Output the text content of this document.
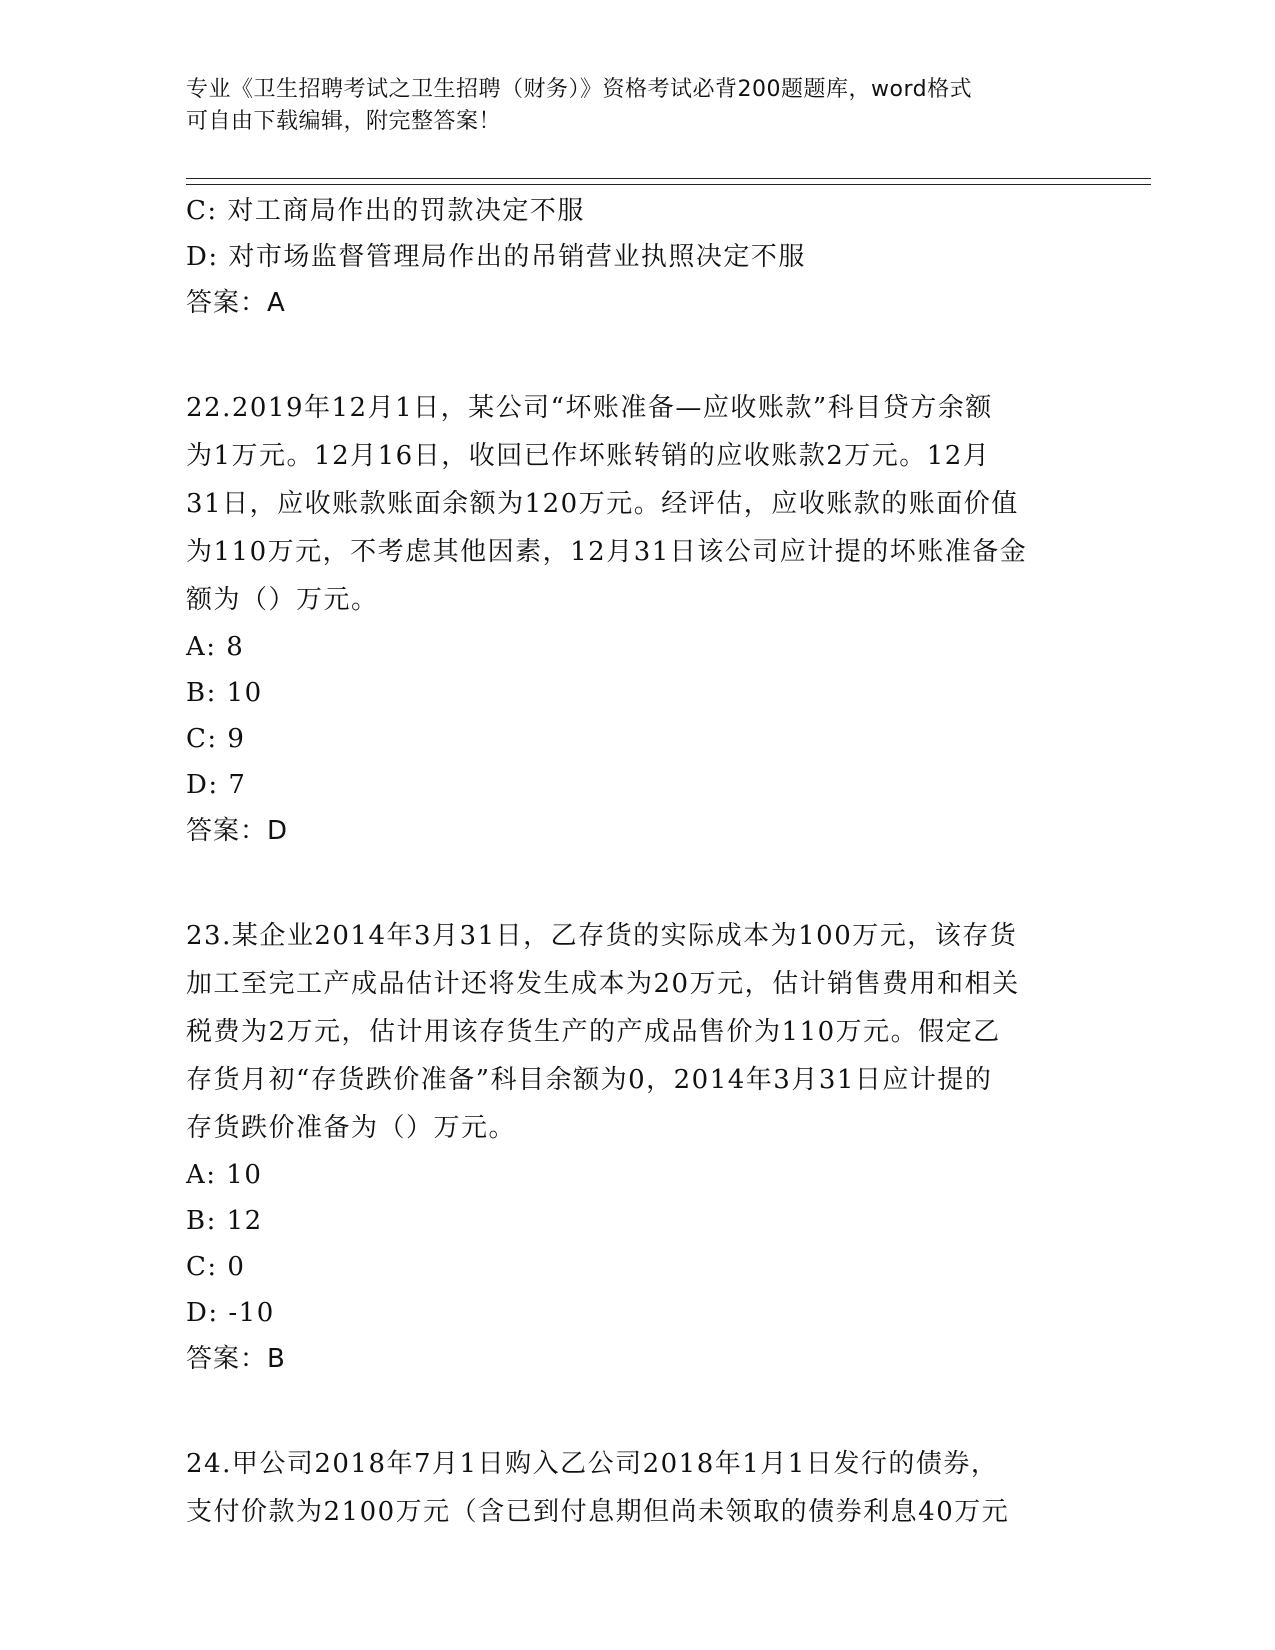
专业《卫生招聘考试之卫生招聘（财务）》资格考试必背200题题库，word格式
可自由下载编辑，附完整答案！
C: 对工商局作出的罚款决定不服
D: 对市场监督管理局作出的吊销营业执照决定不服
答案：A
22.2019年12月1日，某公司“坏账准备—应收账款”科目贷方余额
为1万元。12月16日，收回已作坏账转销的应收账款2万元。12月
31日，应收账款账面余额为120万元。经评估，应收账款的账面价值
为110万元，不考虑其他因素，12月31日该公司应计提的坏账准备金
额为（）万元。
A: 8
B: 10
C: 9
D: 7
答案：D
23.某企业2014年3月31日，乙存货的实际成本为100万元，该存货
加工至完工产成品估计还将发生成本为20万元，估计销售费用和相关
税费为2万元，估计用该存货生产的产成品售价为110万元。假定乙
存货月初“存货跌价准备”科目余额为0，2014年3月31日应计提的
存货跌价准备为（）万元。
A: 10
B: 12
C: 0
D: -10
答案：B
24.甲公司2018年7月1日购入乙公司2018年1月1日发行的债券，
支付价款为2100万元（含已到付息期但尚未领取的债券利息40万元
